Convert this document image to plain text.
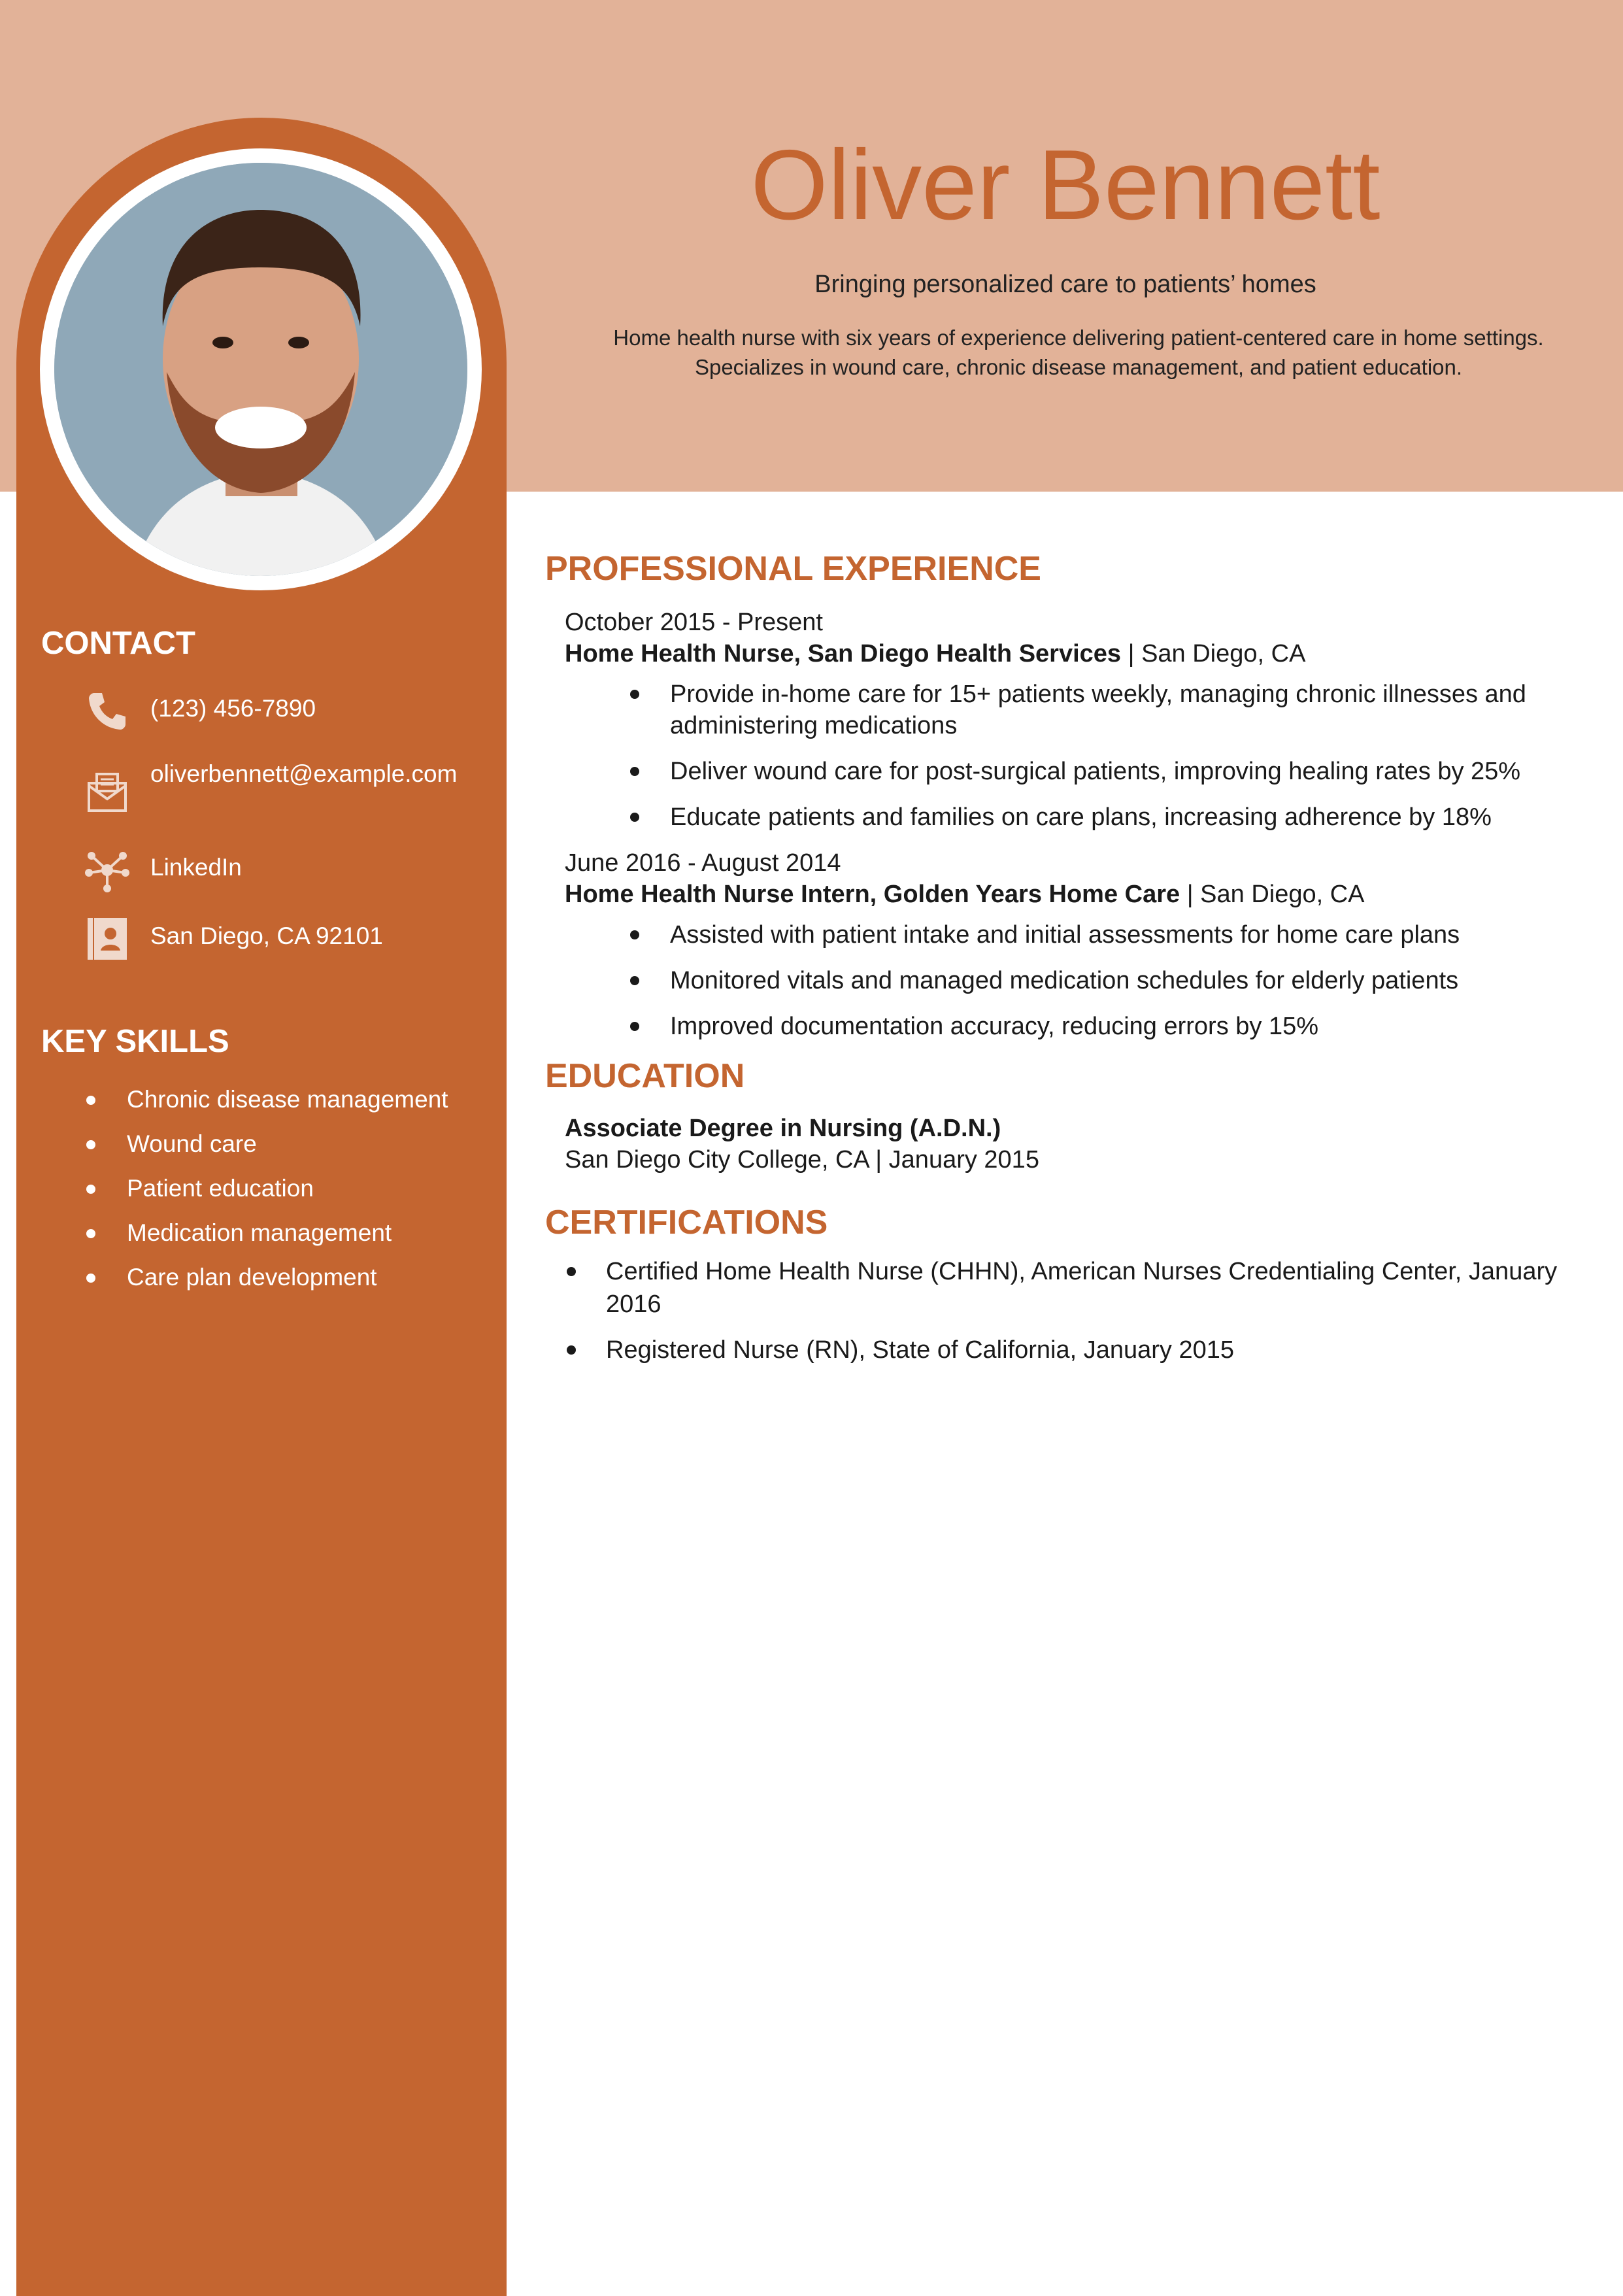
Oliver Bennett
Bringing personalized care to patients’ homes
Home health nurse with six years of experience delivering patient-centered care in home settings. Specializes in wound care, chronic disease management, and patient education.
CONTACT
(123) 456-7890
oliverbennett@example.com
LinkedIn
San Diego, CA 92101
KEY SKILLS
Chronic disease management
Wound care
Patient education
Medication management
Care plan development
PROFESSIONAL EXPERIENCE
October 2015 - Present
Home Health Nurse, San Diego Health Services | San Diego, CA
Provide in-home care for 15+ patients weekly, managing chronic illnesses and administering medications
Deliver wound care for post-surgical patients, improving healing rates by 25%
Educate patients and families on care plans, increasing adherence by 18%
June 2016 - August 2014
Home Health Nurse Intern, Golden Years Home Care | San Diego, CA
Assisted with patient intake and initial assessments for home care plans
Monitored vitals and managed medication schedules for elderly patients
Improved documentation accuracy, reducing errors by 15%
EDUCATION
Associate Degree in Nursing (A.D.N.)
San Diego City College, CA | January 2015
CERTIFICATIONS
Certified Home Health Nurse (CHHN), American Nurses Credentialing Center, January 2016
Registered Nurse (RN), State of California, January 2015
